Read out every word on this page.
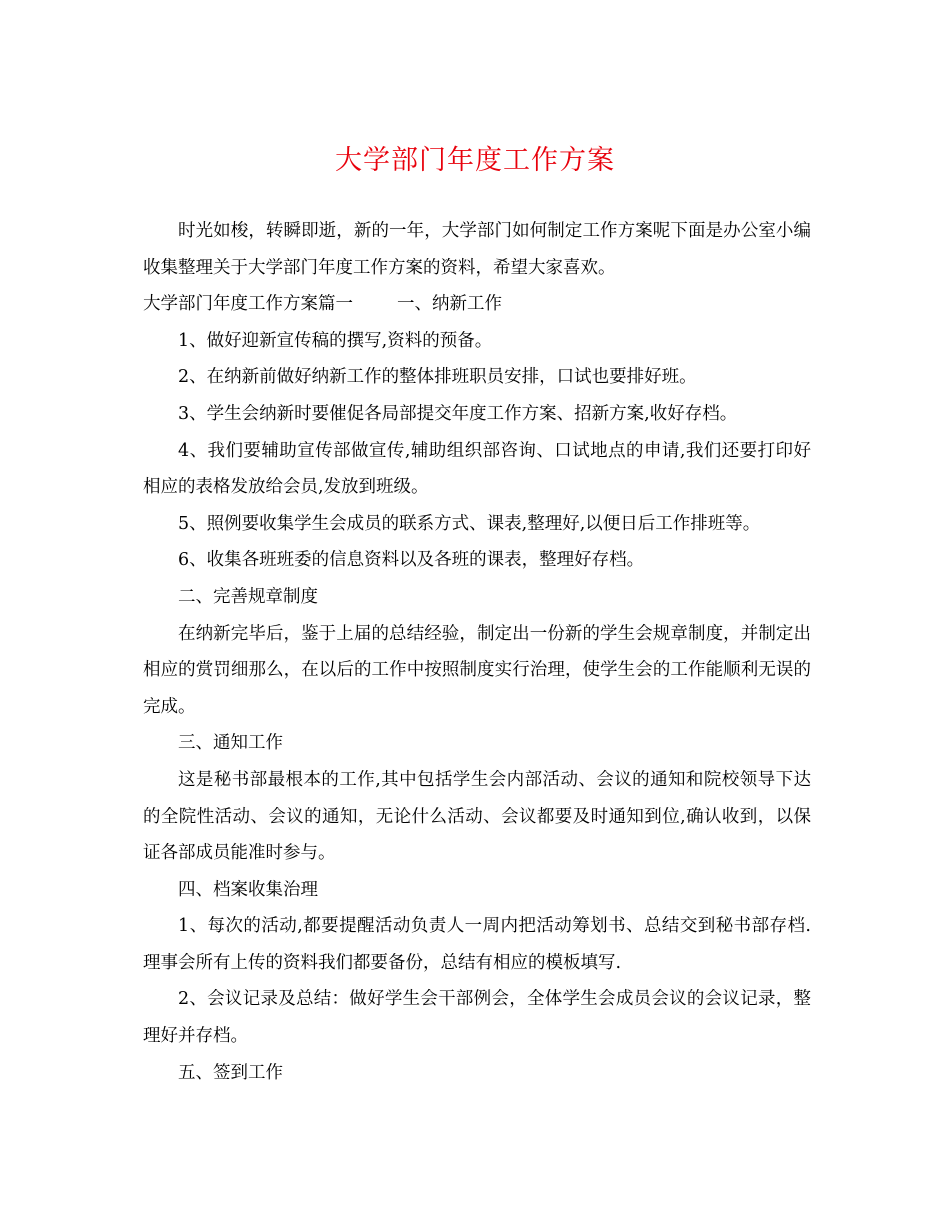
大学部门年度工作方案

时光如梭，转瞬即逝，新的一年，大学部门如何制定工作方案呢下面是办公室小编收集整理关于大学部门年度工作方案的资料，希望大家喜欢。

大学部门年度工作方案篇一	一、纳新工作

1、做好迎新宣传稿的撰写,资料的预备。

2、在纳新前做好纳新工作的整体排班职员安排，口试也要排好班。

3、学生会纳新时要催促各局部提交年度工作方案、招新方案,收好存档。

4、我们要辅助宣传部做宣传,辅助组织部咨询、口试地点的申请,我们还要打印好相应的表格发放给会员,发放到班级。

5、照例要收集学生会成员的联系方式、课表,整理好,以便日后工作排班等。

6、收集各班班委的信息资料以及各班的课表，整理好存档。

二、完善规章制度

在纳新完毕后，鉴于上届的总结经验，制定出一份新的学生会规章制度，并制定出相应的赏罚细那么，在以后的工作中按照制度实行治理，使学生会的工作能顺利无误的完成。

三、通知工作

这是秘书部最根本的工作,其中包括学生会内部活动、会议的通知和院校领导下达的全院性活动、会议的通知，无论什么活动、会议都要及时通知到位,确认收到，以保证各部成员能准时参与。

四、档案收集治理

1、每次的活动,都要提醒活动负责人一周内把活动筹划书、总结交到秘书部存档.理事会所有上传的资料我们都要备份，总结有相应的模板填写.

2、会议记录及总结：做好学生会干部例会，全体学生会成员会议的会议记录，整理好并存档。

五、签到工作
